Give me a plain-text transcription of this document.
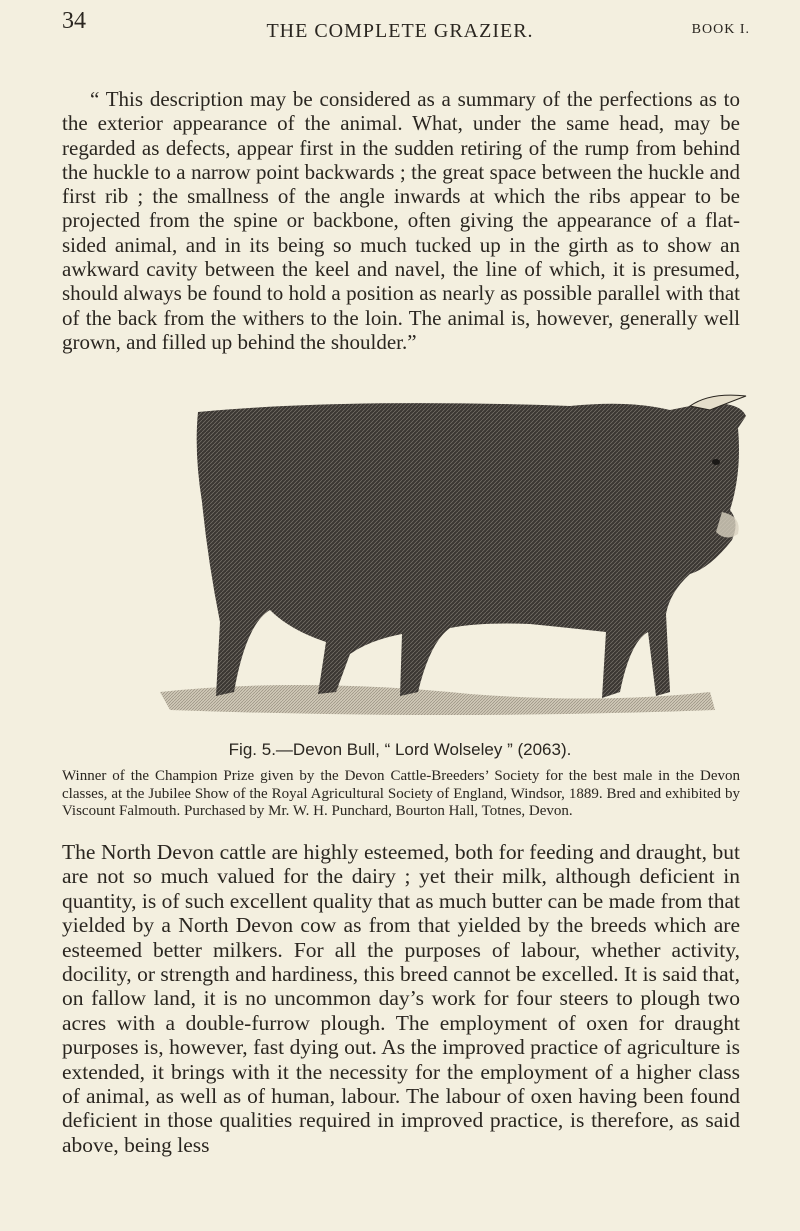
34	THE COMPLETE GRAZIER.	BOOK I.

“ This description may be considered as a summary of the perfections as to the exterior appearance of the animal. What, under the same head, may be regarded as defects, appear first in the sudden retiring of the rump from behind the huckle to a narrow point backwards ; the great space between the huckle and first rib ; the smallness of the angle inwards at which the ribs appear to be projected from the spine or backbone, often giving the appearance of a flat-sided animal, and in its being so much tucked up in the girth as to show an awkward cavity between the keel and navel, the line of which, it is presumed, should always be found to hold a position as nearly as possible parallel with that of the back from the withers to the loin. The animal is, however, generally well grown, and filled up behind the shoulder.”

Fig. 5.—Devon Bull, “ Lord Wolseley ” (2063).

Winner of the Champion Prize given by the Devon Cattle-Breeders’ Society for the best male in the Devon classes, at the Jubilee Show of the Royal Agricultural Society of England, Windsor, 1889. Bred and exhibited by Viscount Falmouth. Purchased by Mr. W. H. Punchard, Bourton Hall, Totnes, Devon.

The North Devon cattle are highly esteemed, both for feeding and draught, but are not so much valued for the dairy ; yet their milk, although deficient in quantity, is of such excellent quality that as much butter can be made from that yielded by a North Devon cow as from that yielded by the breeds which are esteemed better milkers. For all the purposes of labour, whether activity, docility, or strength and hardiness, this breed cannot be excelled. It is said that, on fallow land, it is no uncommon day’s work for four steers to plough two acres with a double-furrow plough. The employment of oxen for draught purposes is, however, fast dying out. As the improved practice of agriculture is extended, it brings with it the necessity for the employment of a higher class of animal, as well as of human, labour. The labour of oxen having been found deficient in those qualities required in improved practice, is therefore, as said above, being less
